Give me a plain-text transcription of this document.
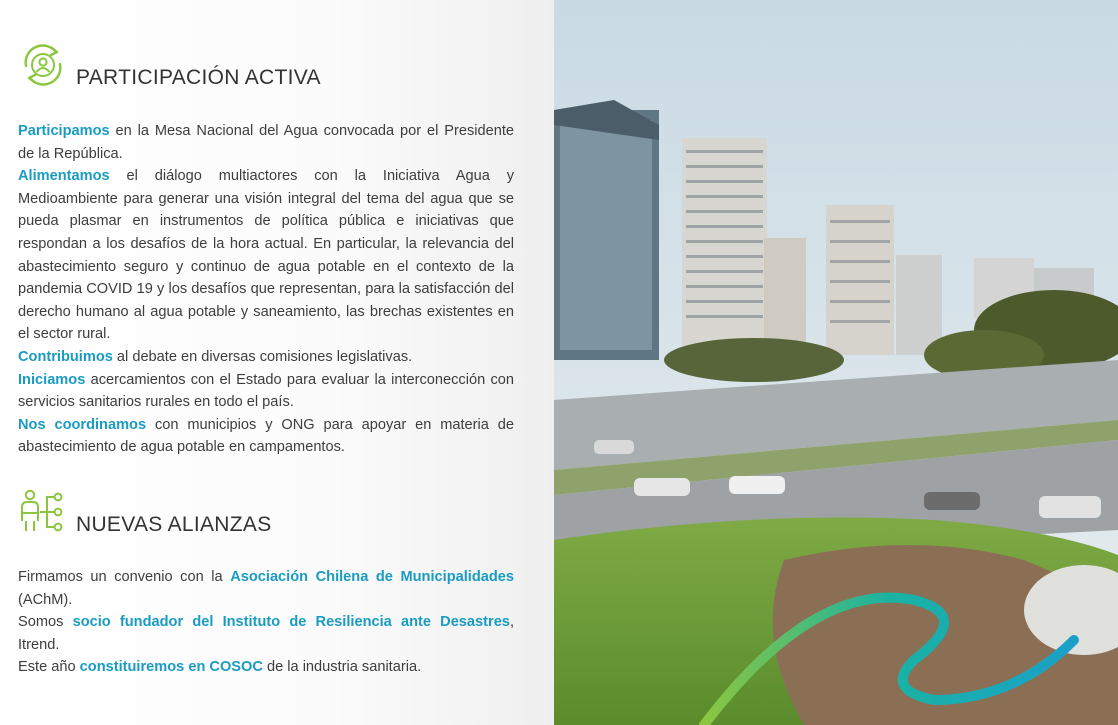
PARTICIPACIÓN ACTIVA

Participamos en la Mesa Nacional del Agua convocada por el Presidente de la República.

Alimentamos el diálogo multiactores con la Iniciativa Agua y Medioambiente para generar una visión integral del tema del agua que se pueda plasmar en instrumentos de política pública e iniciativas que respondan a los desafíos de la hora actual. En particular, la relevancia del abastecimiento seguro y continuo de agua potable en el contexto de la pandemia COVID 19 y los desafíos que representan, para la satisfacción del derecho humano al agua potable y saneamiento, las brechas existentes en el sector rural.

Contribuimos al debate en diversas comisiones legislativas.

Iniciamos acercamientos con el Estado para evaluar la interconección con servicios sanitarios rurales en todo el país.

Nos coordinamos con municipios y ONG para apoyar en materia de abastecimiento de agua potable en campamentos.

NUEVAS ALIANZAS

Firmamos un convenio con la Asociación Chilena de Municipalidades (AChM).

Somos socio fundador del Instituto de Resiliencia ante Desastres, Itrend.

Este año constituiremos en COSOC de la industria sanitaria.
